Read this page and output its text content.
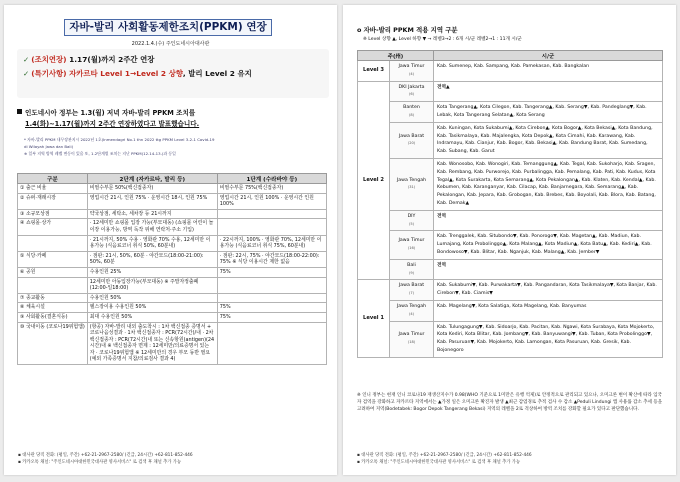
자바-발리 사회활동제한조치(PPKM) 연장
2022.1.4.(수) 주인도네시아대사관
✓ (조치연장) 1.17(월)까지 2주간 연장
✓ (특기사항) 자카르타 Level 1→Level 2 상향, 발리 Level 2 유지
인도네시아 정부는 1.3(월) 저녁 자바-발리 PPKM 조치를
1.4(화)~1.17(월)까지 2주간 연장하였다고 발표했습니다.
* 자바-발리 PPKM 내무장관지시 2022년 1호(Inmendagri No.1 thn 2022 ttg PPKM Level 3-2-1 Covid-19
di Wilayah Jawa dan Bali)
※ 일부 지역 방역 레벨 변동이 있음 또, 1.2단계별 조치는 지난 PPKM(12.14-13.)과 동일
구분	2단계 (자카르타, 발리 등)	1단계 (수라바야 등)
① 출근 비율	비필수부문 50%(백신접종자)	비필수부문 75%(백신접종자)
② 슈퍼·재래시장	영업시간 21시, 인원 75% · 운영시간 18시, 인원 75%	영업시간 21시, 인원 100% · 운영시간 인원 100%
③ 소규모상점	약국상점, 세탁소, 세차장 등 21시까지	
④ 쇼핑몰·상가	· 12세미만 쇼핑몰 입장 가능(부모대동) (쇼핑몰 어린이 놀이장 이용가능, 방역 독작 위해 연락처·주소 기입)	
	· 21시까지, 50% 수용 · 영화관 70% 수용, 12세미만 이용가능 (식음료코너 취식 50%, 60분내)	· 22시까지, 100% · 영화관 70%, 12세미만 이용가능 (식음료코너 취식 75%, 60분내)
⑤ 식당·카페	· 점판: 21시, 50%, 60분 · 야간모드(18:00-21:00): 50%, 60분	· 점판: 22시, 75% · 야간모드(18:00-22:00): 75% ※ 식당 이용시간 제한 없음
⑥ 공원	수용인원 25%	75%
	12세미만 아동입장가능(부모대동) ※ 주말자정출폐(12:00-일18:00)	
⑦ 종교활동	수용인원 50%	
⑧ 체육시설	헬스장이용 수용인원 50%	75%
⑨ 사회활동(결혼식등)	최대 수용인원 50%	75%
⑩ 국내이동 (코로나19위험앱)	(항공) 자바-발리 내외 출도착시 : 1차 백신접종 증명서 + 코로나음성결과 · 1차 백신접종자 : PCR(72시간)/내 · 2차 백신접종자 : PCR(72시간)내 또는 신속항원(antigen)(24시간)내 ※ 백신접종자 면제 : 12세미만/의료증명서 있는 자 · 코로나19위험앱 ※ 12세미만의 경우 부모 동반 필요(예외 가족증명서 지참/의료검사 결과 4)	
▪ 대사관 당직 전화: (평일, 주간) +62-21-2967-2580/ (긴급, 24시간) +62-811-852-446
▪ 카카오톡 채널: "주인도네시아대한민국대사관 영사서비스" 로 검색 후 채널 추가 가능
o 자바-발리 PPKM 적용 지역 구분
※ Level 상향 ▲, Level 하향 ▼ → 레벨3→2 : 6개 시/군 레벨2→1 : 11개 시/군
주(州)		시/군
Level 3	Jawa Timur
(4)	Kab. Sumenep, Kab. Sampang, Kab. Pamekasan, Kab. Bangkalan
Level 2	DKI Jakarta
(6)	전역▲
	Banten
(8)	Kota Tangerang▲, Kota Cilegon, Kab. Tangerang▲, Kab. Serang▼, Kab. Pandeglang▼, Kab. Lebak, Kota Tangerang Selatan▲, Kota Serang
	Jawa Barat
(20)	Kab. Kuningan, Kota Sukabumi▲, Kota Cirebon▲, Kota Bogor▲, Kota Bekasi▲, Kota Bandung, Kab. Tasikmalaya, Kab. Majalengka, Kota Depok▲, Kota Cimahi, Kab. Karawang, Kab. Indramayu, Kab. Cianjur, Kab. Bogor, Kab. Bekasi▲, Kab. Bandung Barat, Kab. Sumedang, Kab. Subang, Kab. Garut
	Jawa Tengah
(31)	Kab. Wonosobo, Kab. Wonogiri, Kab. Temanggung▲, Kab. Tegal, Kab. Sukoharjo, Kab. Sragen, Kab. Rembang, Kab. Purworejo, Kab. Purbalingga, Kab. Pemalang, Kab. Pati, Kab. Kudus, Kota Tegal▲, Kota Surakarta, Kota Semarang▲, Kota Pekalongan▲, Kab. Klaten, Kab. Kendal▲, Kab. Kebumen, Kab. Karanganyar, Kab. Cilacap, Kab. Banjarnegara, Kab. Semarang▲, Kab. Pekalongan, Kab. Jepara, Kab. Grobogan, Kab. Brebes, Kab. Boyolali, Kab. Blora, Kab. Batang, Kab. Demak▲
	DIY
(5)	전역
	Jawa Timur
(16)	Kab. Trenggalek, Kab. Situbondo▼, Kab. Ponorogo▼, Kab. Magetan▲, Kab. Madiun, Kab. Lumajang, Kota Probolinggo▲, Kota Malang▲, Kota Madiun▲, Kota Batu▲, Kab. Kediri▲, Kab. Bondowoso▼, Kab. Blitar, Kab. Nganjuk, Kab. Malang▲, Kab. Jember▼
	Bali
(9)	전역
Level 1	Jawa Barat
(7)	Kab. Sukabumi▼, Kab. Purwakarta▼, Kab. Pangandaran, Kota Tasikmalaya▼, Kota Banjar, Kab. Cirebon▼, Kab. Ciamis▼
	Jawa Tengah
(4)	Kab. Magelang▼, Kota Salatiga, Kota Magelang, Kab. Banyumas
	Jawa Timur
(18)	Kab. Tulungagung▼, Kab. Sidoarjo, Kab. Pacitan, Kab. Ngawi, Kota Surabaya, Kota Mojokerto, Kota Kediri, Kota Blitar, Kab. Jombang▼, Kab. Banyuwangi▼, Kab. Tuban, Kota Probolinggo▼, Kab. Pasuruan▼, Kab. Mojokerto, Kab. Lamongan, Kota Pasuruan, Kab. Gresik, Kab. Bojonegoro
※ 인니 정부는 현재 인니 코로나19 재생산지수가 0.98(WHO 기준으로 1미만은 유행 억제)로 안정적으로 관리되고 있으나, 오미크론 변이 확산에 따라 입국자 검역을 강화하고 자카르타 지역에서는 ▲가정 일은 오미크론 확진자 발생 ▲최근 감염경로 추적 검사 수 감소 ▲Peduli Lindungi 앱 사용률 감소 추세 등을 고려하여 지역(Bodetabek: Bogor Depok Tangerang Bekasi) 지역의 레벨을 2로 격상하여 방역 조치를 강화할 필요가 있다고 판단했습니다.
▪ 대사관 당직 전화: (평일, 주간) +62-21-2967-2580/ (긴급, 24시간) +62-811-852-446
▪ 카카오톡 채널: "주인도네시아대한민국대사관 영사서비스" 로 검색 후 채널 추가 가능
